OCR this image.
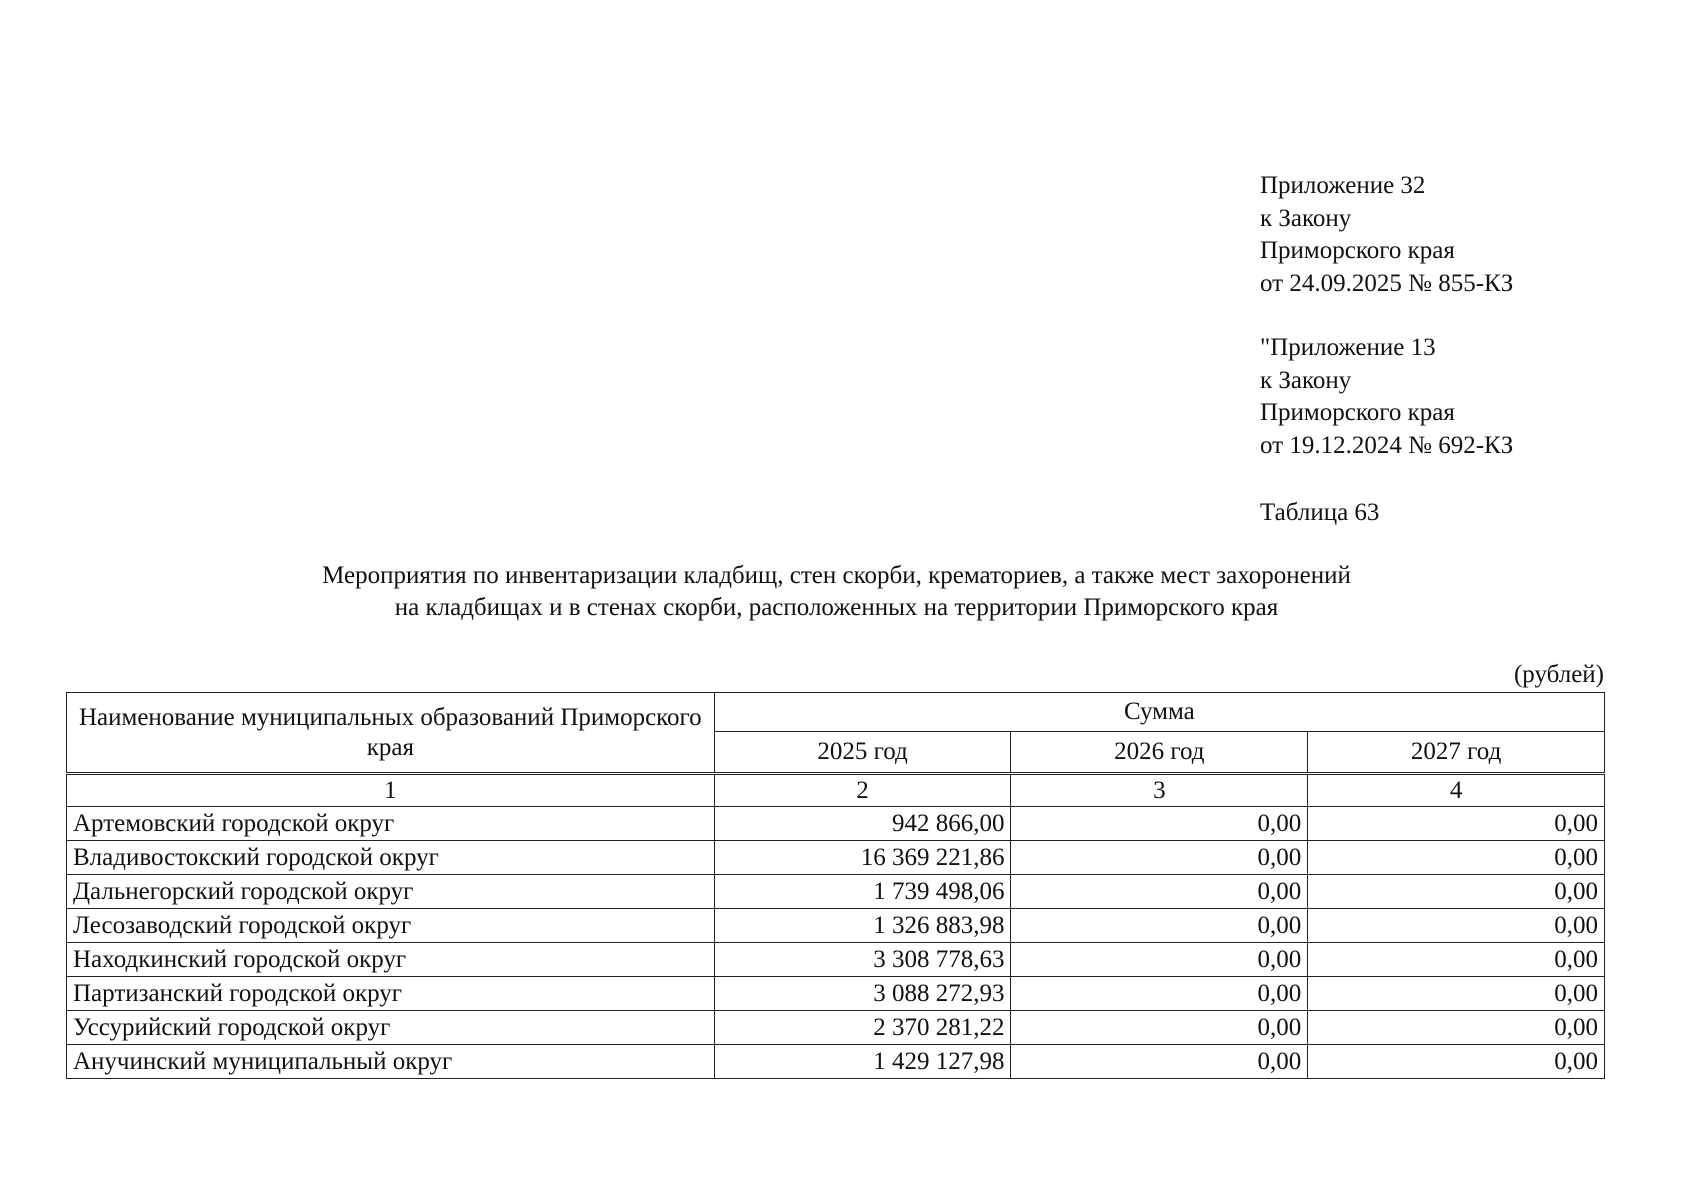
Приложение 32
к Закону
Приморского края
от 24.09.2025 № 855-КЗ
"Приложение 13
к Закону
Приморского края
от 19.12.2024 № 692-КЗ
Таблица 63
Мероприятия по инвентаризации кладбищ, стен скорби, крематориев, а также мест захоронений
на кладбищах и в стенах скорби, расположенных на территории Приморского края
(рублей)
Наименование муниципальных образований Приморского края	Сумма		
	2025 год	2026 год	2027 год
1	2	3	4
Артемовский городской округ	942 866,00	0,00	0,00
Владивостокский городской округ	16 369 221,86	0,00	0,00
Дальнегорский городской округ	1 739 498,06	0,00	0,00
Лесозаводский городской округ	1 326 883,98	0,00	0,00
Находкинский городской округ	3 308 778,63	0,00	0,00
Партизанский городской округ	3 088 272,93	0,00	0,00
Уссурийский городской округ	2 370 281,22	0,00	0,00
Анучинский муниципальный округ	1 429 127,98	0,00	0,00
